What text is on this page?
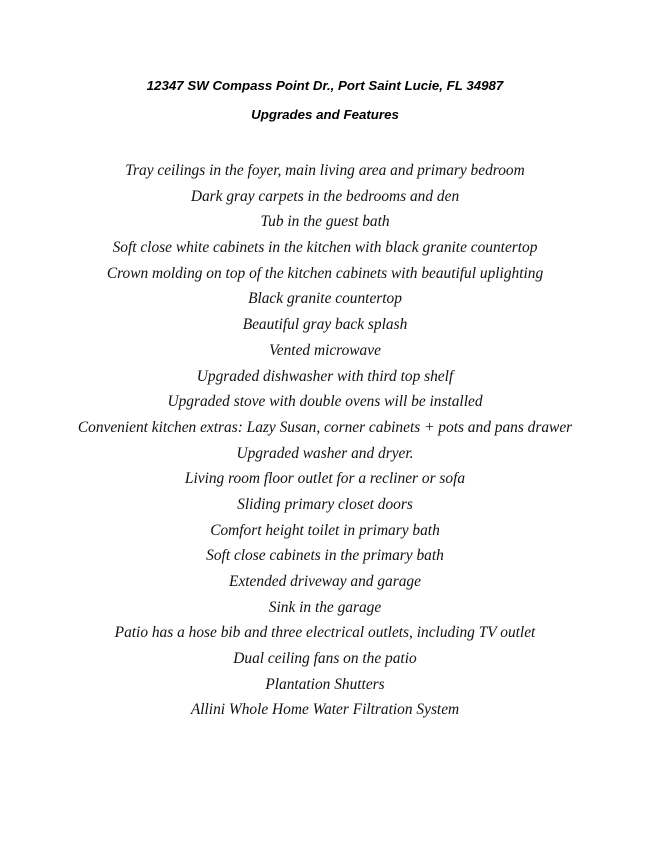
12347 SW Compass Point Dr., Port Saint Lucie, FL 34987

Upgrades and Features

Tray ceilings in the foyer, main living area and primary bedroom
Dark gray carpets in the bedrooms and den
Tub in the guest bath
Soft close white cabinets in the kitchen with black granite countertop
Crown molding on top of the kitchen cabinets with beautiful uplighting
Black granite countertop
Beautiful gray back splash
Vented microwave
Upgraded dishwasher with third top shelf
Upgraded stove with double ovens will be installed
Convenient kitchen extras: Lazy Susan, corner cabinets + pots and pans drawer
Upgraded washer and dryer.
Living room floor outlet for a recliner or sofa
Sliding primary closet doors
Comfort height toilet in primary bath
Soft close cabinets in the primary bath
Extended driveway and garage
Sink in the garage
Patio has a hose bib and three electrical outlets, including TV outlet
Dual ceiling fans on the patio
Plantation Shutters
Allini Whole Home Water Filtration System
